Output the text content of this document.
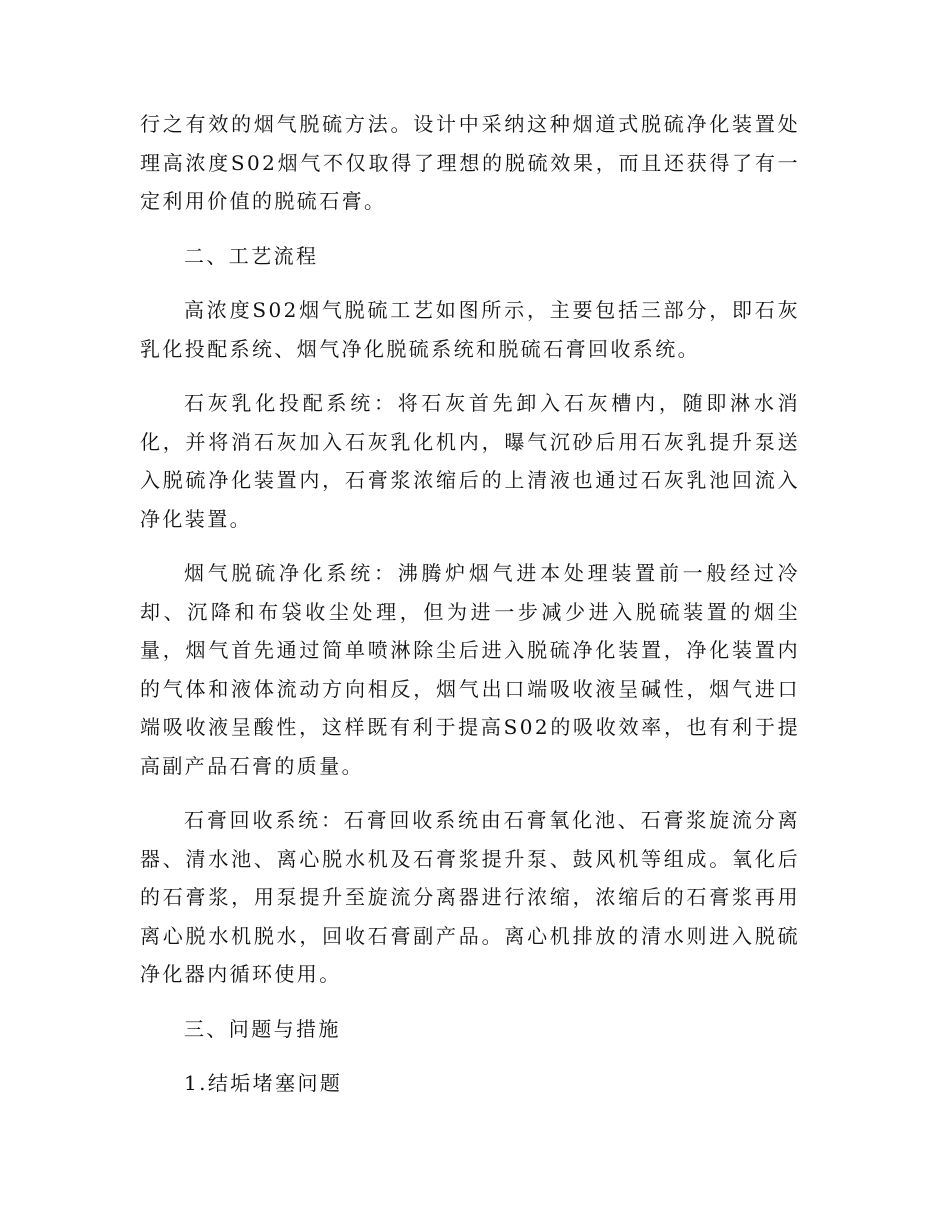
行之有效的烟气脱硫方法。设计中采纳这种烟道式脱硫净化装置处理高浓度S02烟气不仅取得了理想的脱硫效果，而且还获得了有一定利用价值的脱硫石膏。

二、工艺流程

高浓度S02烟气脱硫工艺如图所示，主要包括三部分，即石灰乳化投配系统、烟气净化脱硫系统和脱硫石膏回收系统。

石灰乳化投配系统：将石灰首先卸入石灰槽内，随即淋水消化，并将消石灰加入石灰乳化机内，曝气沉砂后用石灰乳提升泵送入脱硫净化装置内，石膏浆浓缩后的上清液也通过石灰乳池回流入净化装置。

烟气脱硫净化系统：沸腾炉烟气进本处理装置前一般经过冷却、沉降和布袋收尘处理，但为进一步减少进入脱硫装置的烟尘量，烟气首先通过简单喷淋除尘后进入脱硫净化装置，净化装置内的气体和液体流动方向相反，烟气出口端吸收液呈碱性，烟气进口端吸收液呈酸性，这样既有利于提高S02的吸收效率，也有利于提高副产品石膏的质量。

石膏回收系统：石膏回收系统由石膏氧化池、石膏浆旋流分离器、清水池、离心脱水机及石膏浆提升泵、鼓风机等组成。氧化后的石膏浆，用泵提升至旋流分离器进行浓缩，浓缩后的石膏浆再用离心脱水机脱水，回收石膏副产品。离心机排放的清水则进入脱硫净化器内循环使用。

三、问题与措施

1.结垢堵塞问题
